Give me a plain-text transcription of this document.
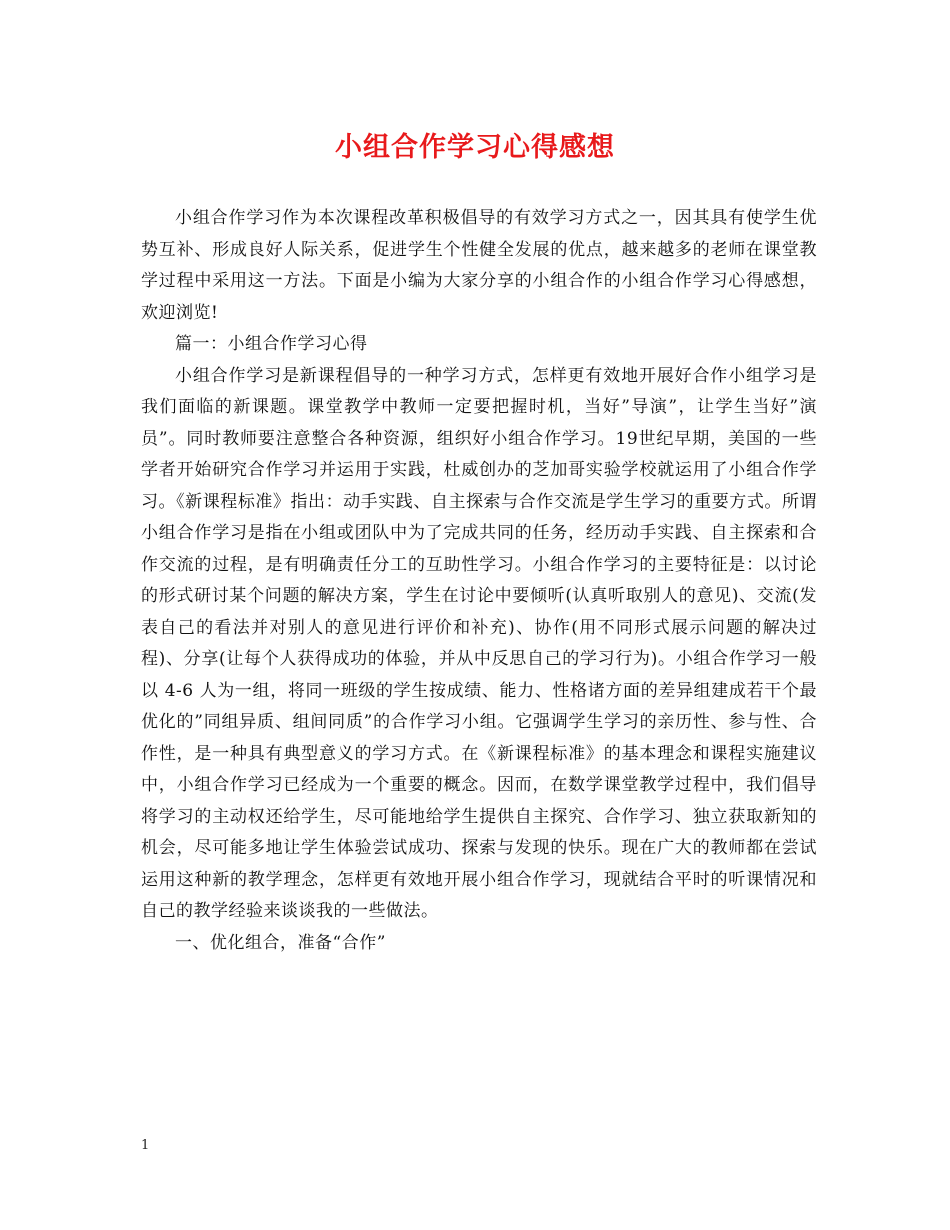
小组合作学习心得感想

小组合作学习作为本次课程改革积极倡导的有效学习方式之一，因其具有使学生优势互补、形成良好人际关系，促进学生个性健全发展的优点，越来越多的老师在课堂教学过程中采用这一方法。下面是小编为大家分享的小组合作的小组合作学习心得感想，欢迎浏览!

篇一：小组合作学习心得

小组合作学习是新课程倡导的一种学习方式，怎样更有效地开展好合作小组学习是我们面临的新课题。课堂教学中教师一定要把握时机，当好”导演”，让学生当好”演员”。同时教师要注意整合各种资源，组织好小组合作学习。19世纪早期，美国的一些学者开始研究合作学习并运用于实践，杜威创办的芝加哥实验学校就运用了小组合作学习。《新课程标准》指出：动手实践、自主探索与合作交流是学生学习的重要方式。所谓小组合作学习是指在小组或团队中为了完成共同的任务，经历动手实践、自主探索和合作交流的过程，是有明确责任分工的互助性学习。小组合作学习的主要特征是：以讨论的形式研讨某个问题的解决方案，学生在讨论中要倾听(认真听取别人的意见)、交流(发表自己的看法并对别人的意见进行评价和补充)、协作(用不同形式展示问题的解决过程)、分享(让每个人获得成功的体验，并从中反思自己的学习行为)。小组合作学习一般以 4-6 人为一组，将同一班级的学生按成绩、能力、性格诸方面的差异组建成若干个最优化的”同组异质、组间同质”的合作学习小组。它强调学生学习的亲历性、参与性、合作性，是一种具有典型意义的学习方式。在《新课程标准》的基本理念和课程实施建议中，小组合作学习已经成为一个重要的概念。因而，在数学课堂教学过程中，我们倡导将学习的主动权还给学生，尽可能地给学生提供自主探究、合作学习、独立获取新知的机会，尽可能多地让学生体验尝试成功、探索与发现的快乐。现在广大的教师都在尝试运用这种新的教学理念，怎样更有效地开展小组合作学习，现就结合平时的听课情况和自己的教学经验来谈谈我的一些做法。

一、优化组合，准备“合作”

1
